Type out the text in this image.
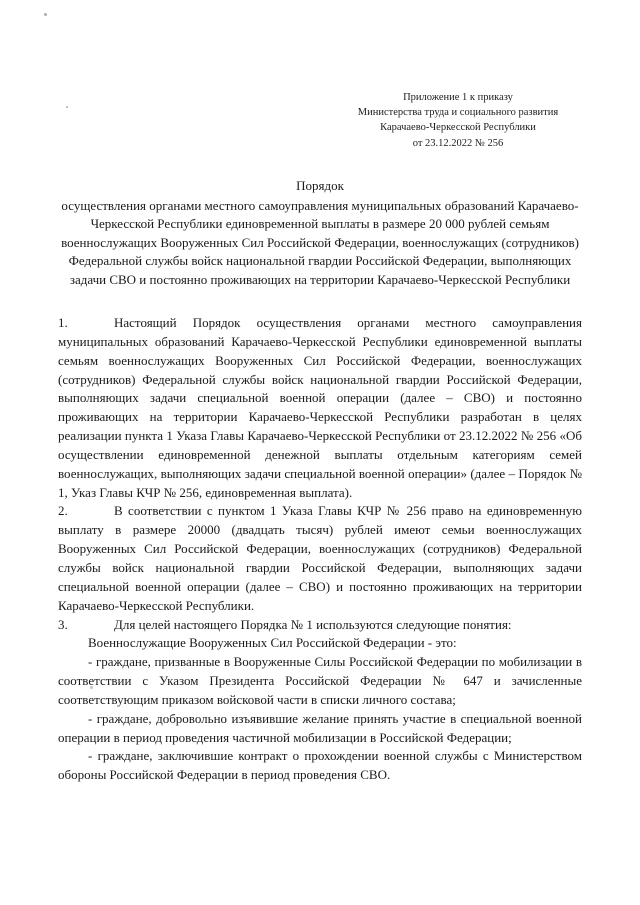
Приложение 1 к приказу
Министерства труда и социального развития
Карачаево-Черкесской Республики
от 23.12.2022 № 256
Порядок
осуществления органами местного самоуправления муниципальных образований Карачаево-Черкесской Республики единовременной выплаты в размере 20 000 рублей семьям военнослужащих Вооруженных Сил Российской Федерации, военнослужащих (сотрудников) Федеральной службы войск национальной гвардии Российской Федерации, выполняющих задачи СВО и постоянно проживающих на территории Карачаево-Черкесской Республики

1.	Настоящий Порядок осуществления органами местного самоуправления муниципальных образований Карачаево-Черкесской Республики единовременной выплаты семьям военнослужащих Вооруженных Сил Российской Федерации, военнослужащих (сотрудников) Федеральной службы войск национальной гвардии Российской Федерации, выполняющих задачи специальной военной операции (далее – СВО) и постоянно проживающих на территории Карачаево-Черкесской Республики разработан в целях реализации пункта 1 Указа Главы Карачаево-Черкесской Республики от 23.12.2022 № 256 «Об осуществлении единовременной денежной выплаты отдельным категориям семей военнослужащих, выполняющих задачи специальной военной операции» (далее – Порядок № 1, Указ Главы КЧР № 256, единовременная выплата).

2.	В соответствии с пунктом 1 Указа Главы КЧР № 256 право на единовременную выплату в размере 20000 (двадцать тысяч) рублей имеют семьи военнослужащих Вооруженных Сил Российской Федерации, военнослужащих (сотрудников) Федеральной службы войск национальной гвардии Российской Федерации, выполняющих задачи специальной военной операции (далее – СВО) и постоянно проживающих на территории Карачаево-Черкесской Республики.

3.	Для целей настоящего Порядка № 1 используются следующие понятия:

Военнослужащие Вооруженных Сил Российской Федерации - это:

- граждане, призванные в Вооруженные Силы Российской Федерации по мобилизации в соответствии с Указом Президента Российской Федерации № 647 и зачисленные соответствующим приказом войсковой части в списки личного состава;

- граждане, добровольно изъявившие желание принять участие в специальной военной операции в период проведения частичной мобилизации в Российской Федерации;

- граждане, заключившие контракт о прохождении военной службы с Министерством обороны Российской Федерации в период проведения СВО.
